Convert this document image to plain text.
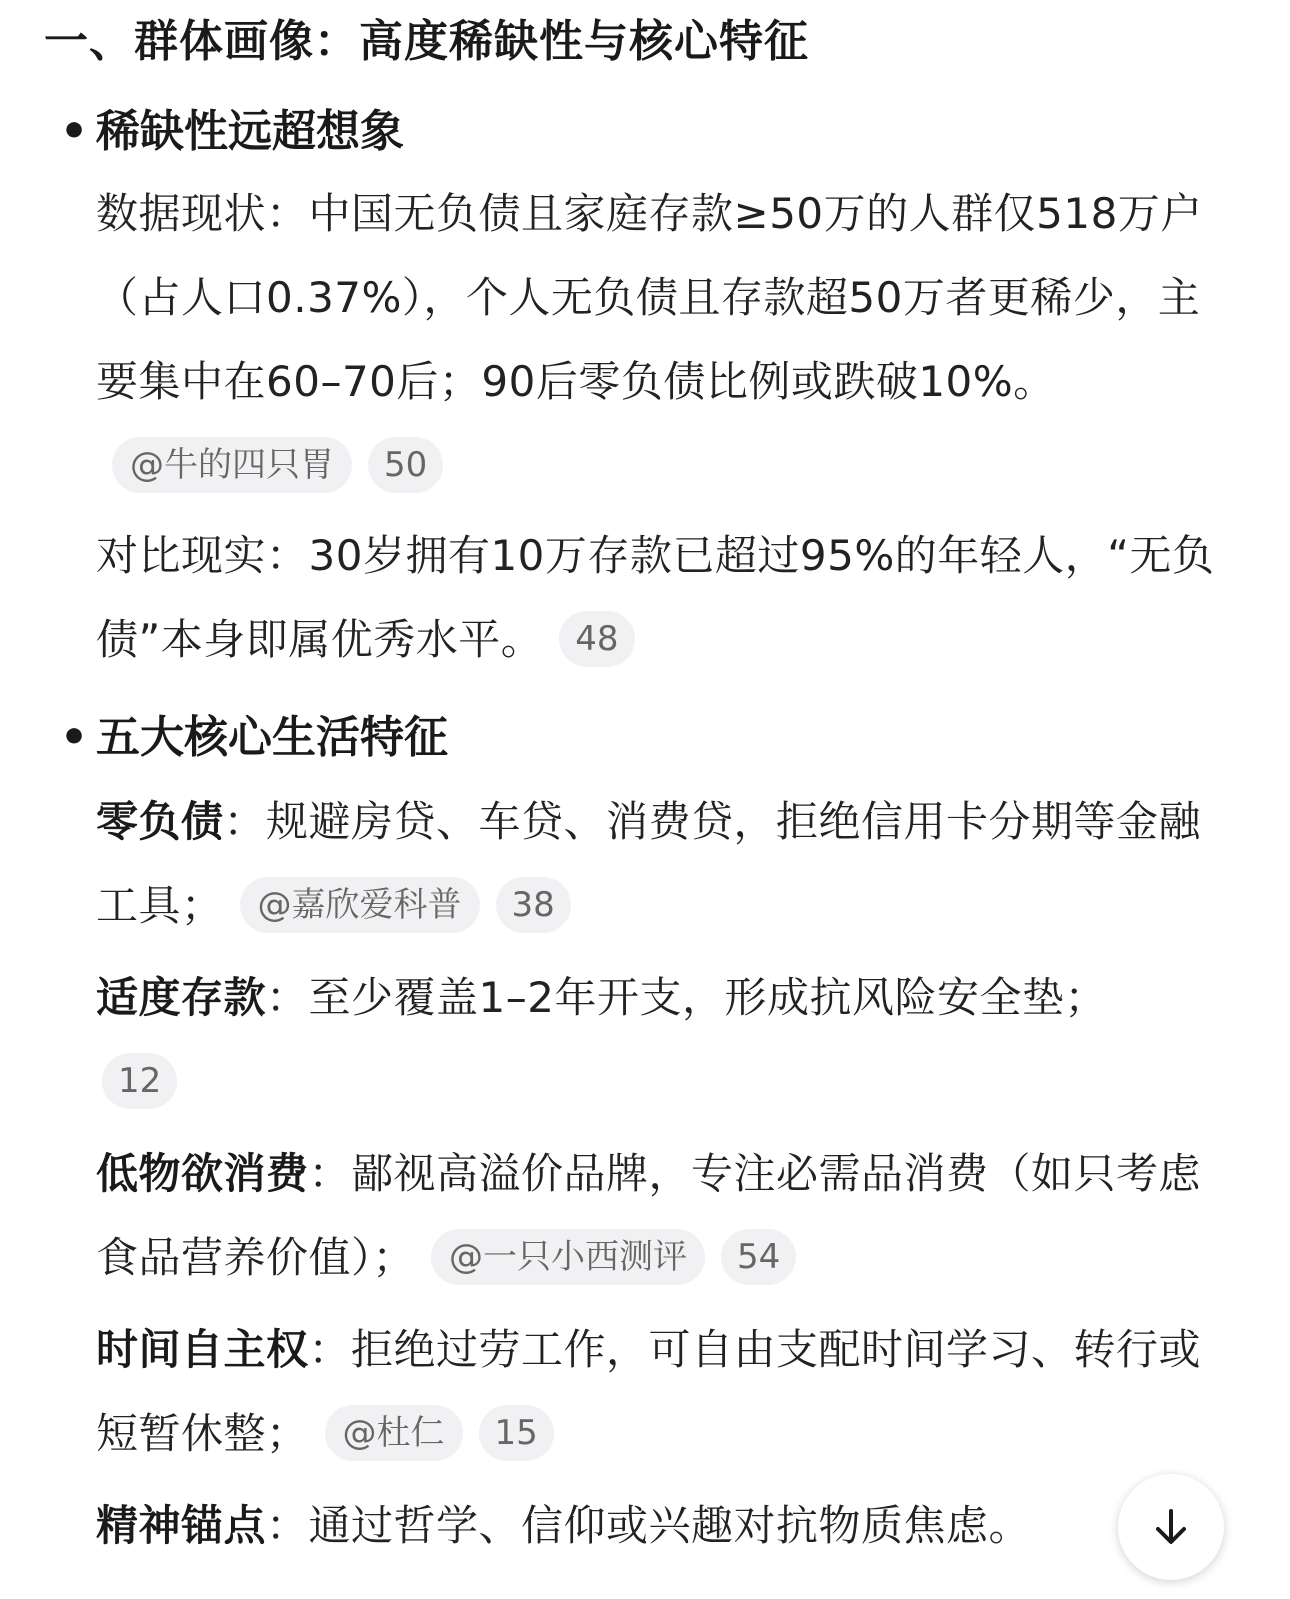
一、群体画像：高度稀缺性与核心特征
• 稀缺性远超想象
数据现状：中国无负债且家庭存款≥50万的人群仅518万户（占人口0.37%），个人无负债且存款超50万者更稀少，主要集中在60–70后；90后零负债比例或跌破10%。@牛的四只胃 50
对比现实：30岁拥有10万存款已超过95%的年轻人，“无负债”本身即属优秀水平。 48
• 五大核心生活特征
零负债：规避房贷、车贷、消费贷，拒绝信用卡分期等金融工具； @嘉欣爱科普 38
适度存款：至少覆盖1–2年开支，形成抗风险安全垫；
12
低物欲消费：鄙视高溢价品牌，专注必需品消费（如只考虑食品营养价值）； @一只小西测评 54
时间自主权：拒绝过劳工作，可自由支配时间学习、转行或短暂休整； @杜仁 15
精神锚点：通过哲学、信仰或兴趣对抗物质焦虑。
